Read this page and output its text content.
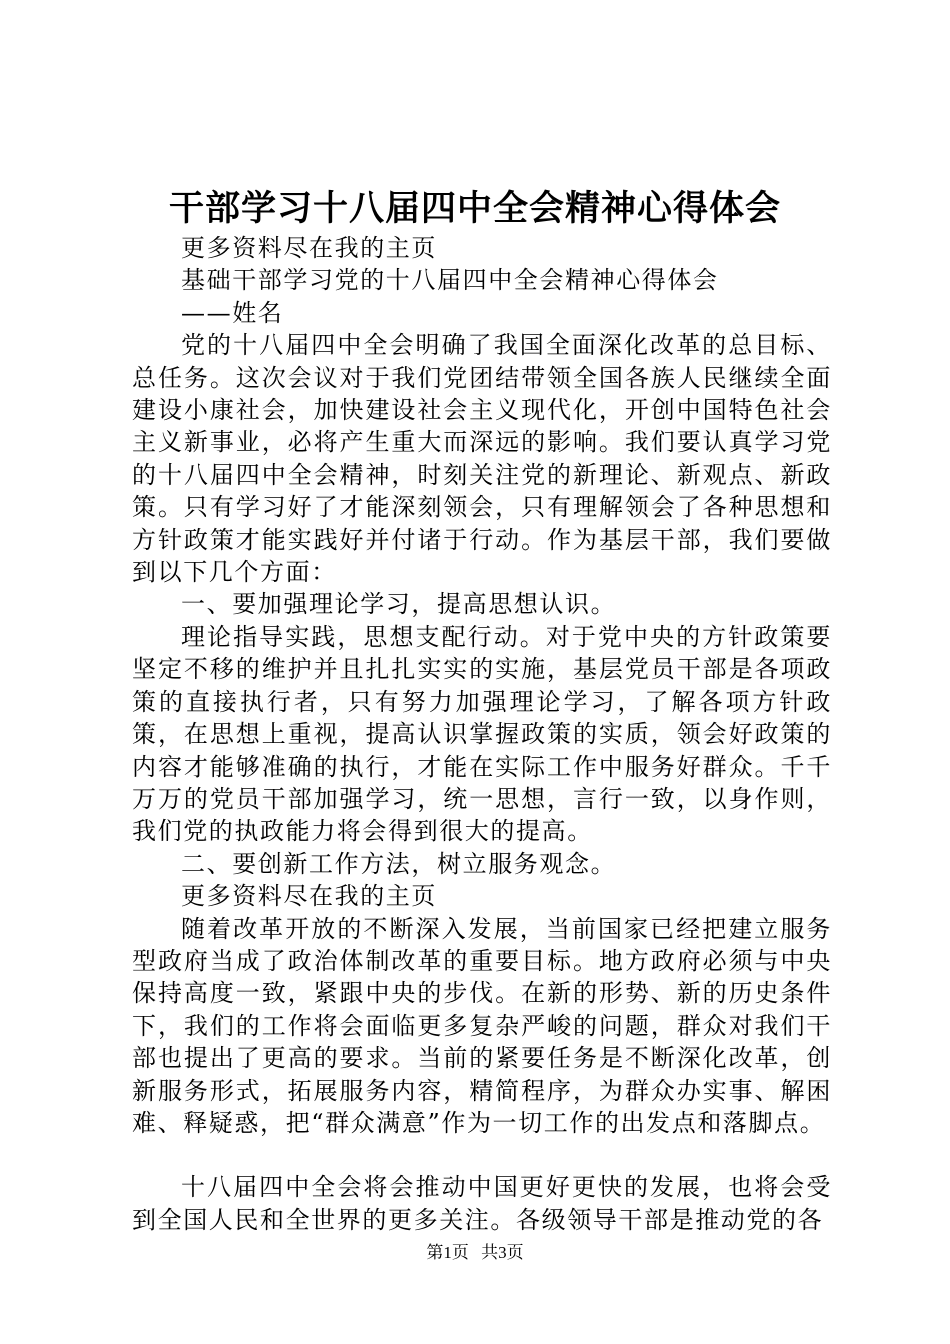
干部学习十八届四中全会精神心得体会

更多资料尽在我的主页

基础干部学习党的十八届四中全会精神心得体会

——姓名

党的十八届四中全会明确了我国全面深化改革的总目标、总任务。这次会议对于我们党团结带领全国各族人民继续全面建设小康社会，加快建设社会主义现代化，开创中国特色社会主义新事业，必将产生重大而深远的影响。我们要认真学习党的十八届四中全会精神，时刻关注党的新理论、新观点、新政策。只有学习好了才能深刻领会，只有理解领会了各种思想和方针政策才能实践好并付诸于行动。作为基层干部，我们要做到以下几个方面：

一、要加强理论学习，提高思想认识。

理论指导实践，思想支配行动。对于党中央的方针政策要坚定不移的维护并且扎扎实实的实施，基层党员干部是各项政策的直接执行者，只有努力加强理论学习，了解各项方针政策，在思想上重视，提高认识掌握政策的实质，领会好政策的内容才能够准确的执行，才能在实际工作中服务好群众。千千万万的党员干部加强学习，统一思想，言行一致，以身作则，我们党的执政能力将会得到很大的提高。

二、要创新工作方法，树立服务观念。

更多资料尽在我的主页

随着改革开放的不断深入发展，当前国家已经把建立服务型政府当成了政治体制改革的重要目标。地方政府必须与中央保持高度一致，紧跟中央的步伐。在新的形势、新的历史条件下，我们的工作将会面临更多复杂严峻的问题，群众对我们干部也提出了更高的要求。当前的紧要任务是不断深化改革，创新服务形式，拓展服务内容，精简程序，为群众办实事、解困难、释疑惑，把“群众满意”作为一切工作的出发点和落脚点。

十八届四中全会将会推动中国更好更快的发展，也将会受到全国人民和全世界的更多关注。各级领导干部是推动党的各

第1页 共3页
